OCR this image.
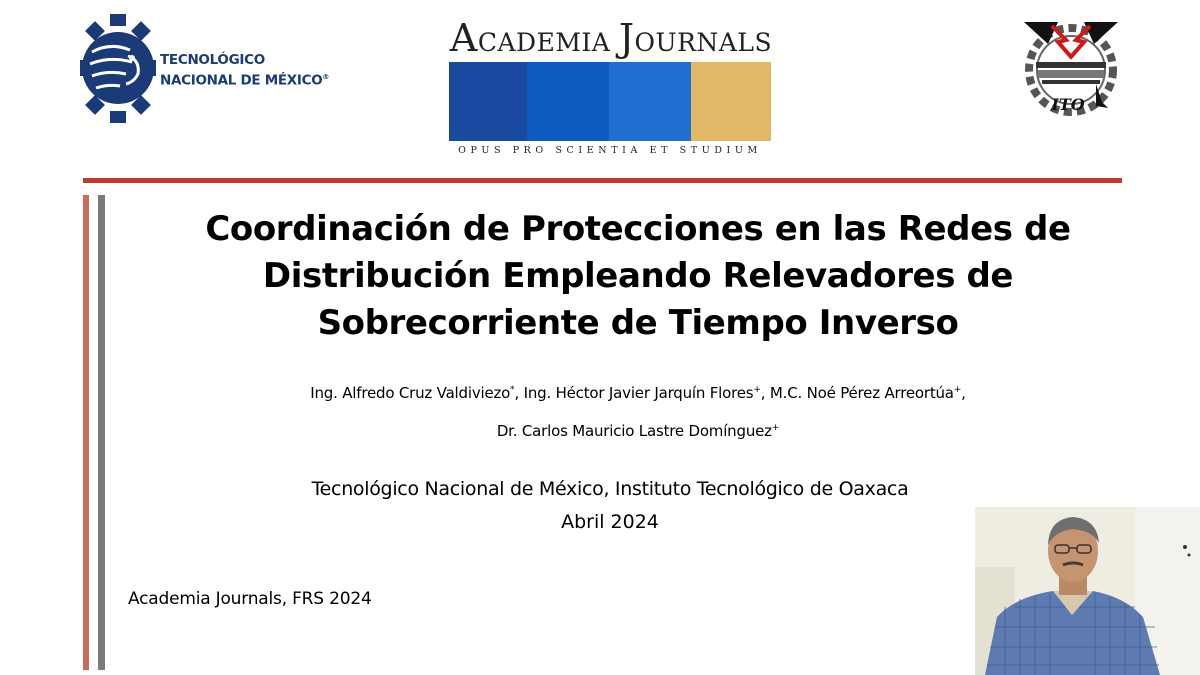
TECNOLÓGICO
NACIONAL DE MÉXICO®
ACADEMIA JOURNALS
OPUS PRO SCIENTIA ET STUDIUM
ITO
Coordinación de Protecciones en las Redes de
Distribución Empleando Relevadores de
Sobrecorriente de Tiempo Inverso
Ing. Alfredo Cruz Valdiviezo*, Ing. Héctor Javier Jarquín Flores+, M.C. Noé Pérez Arreortúa+,
Dr. Carlos Mauricio Lastre Domínguez+
Tecnológico Nacional de México, Instituto Tecnológico de Oaxaca
Abril 2024
Academia Journals, FRS 2024
